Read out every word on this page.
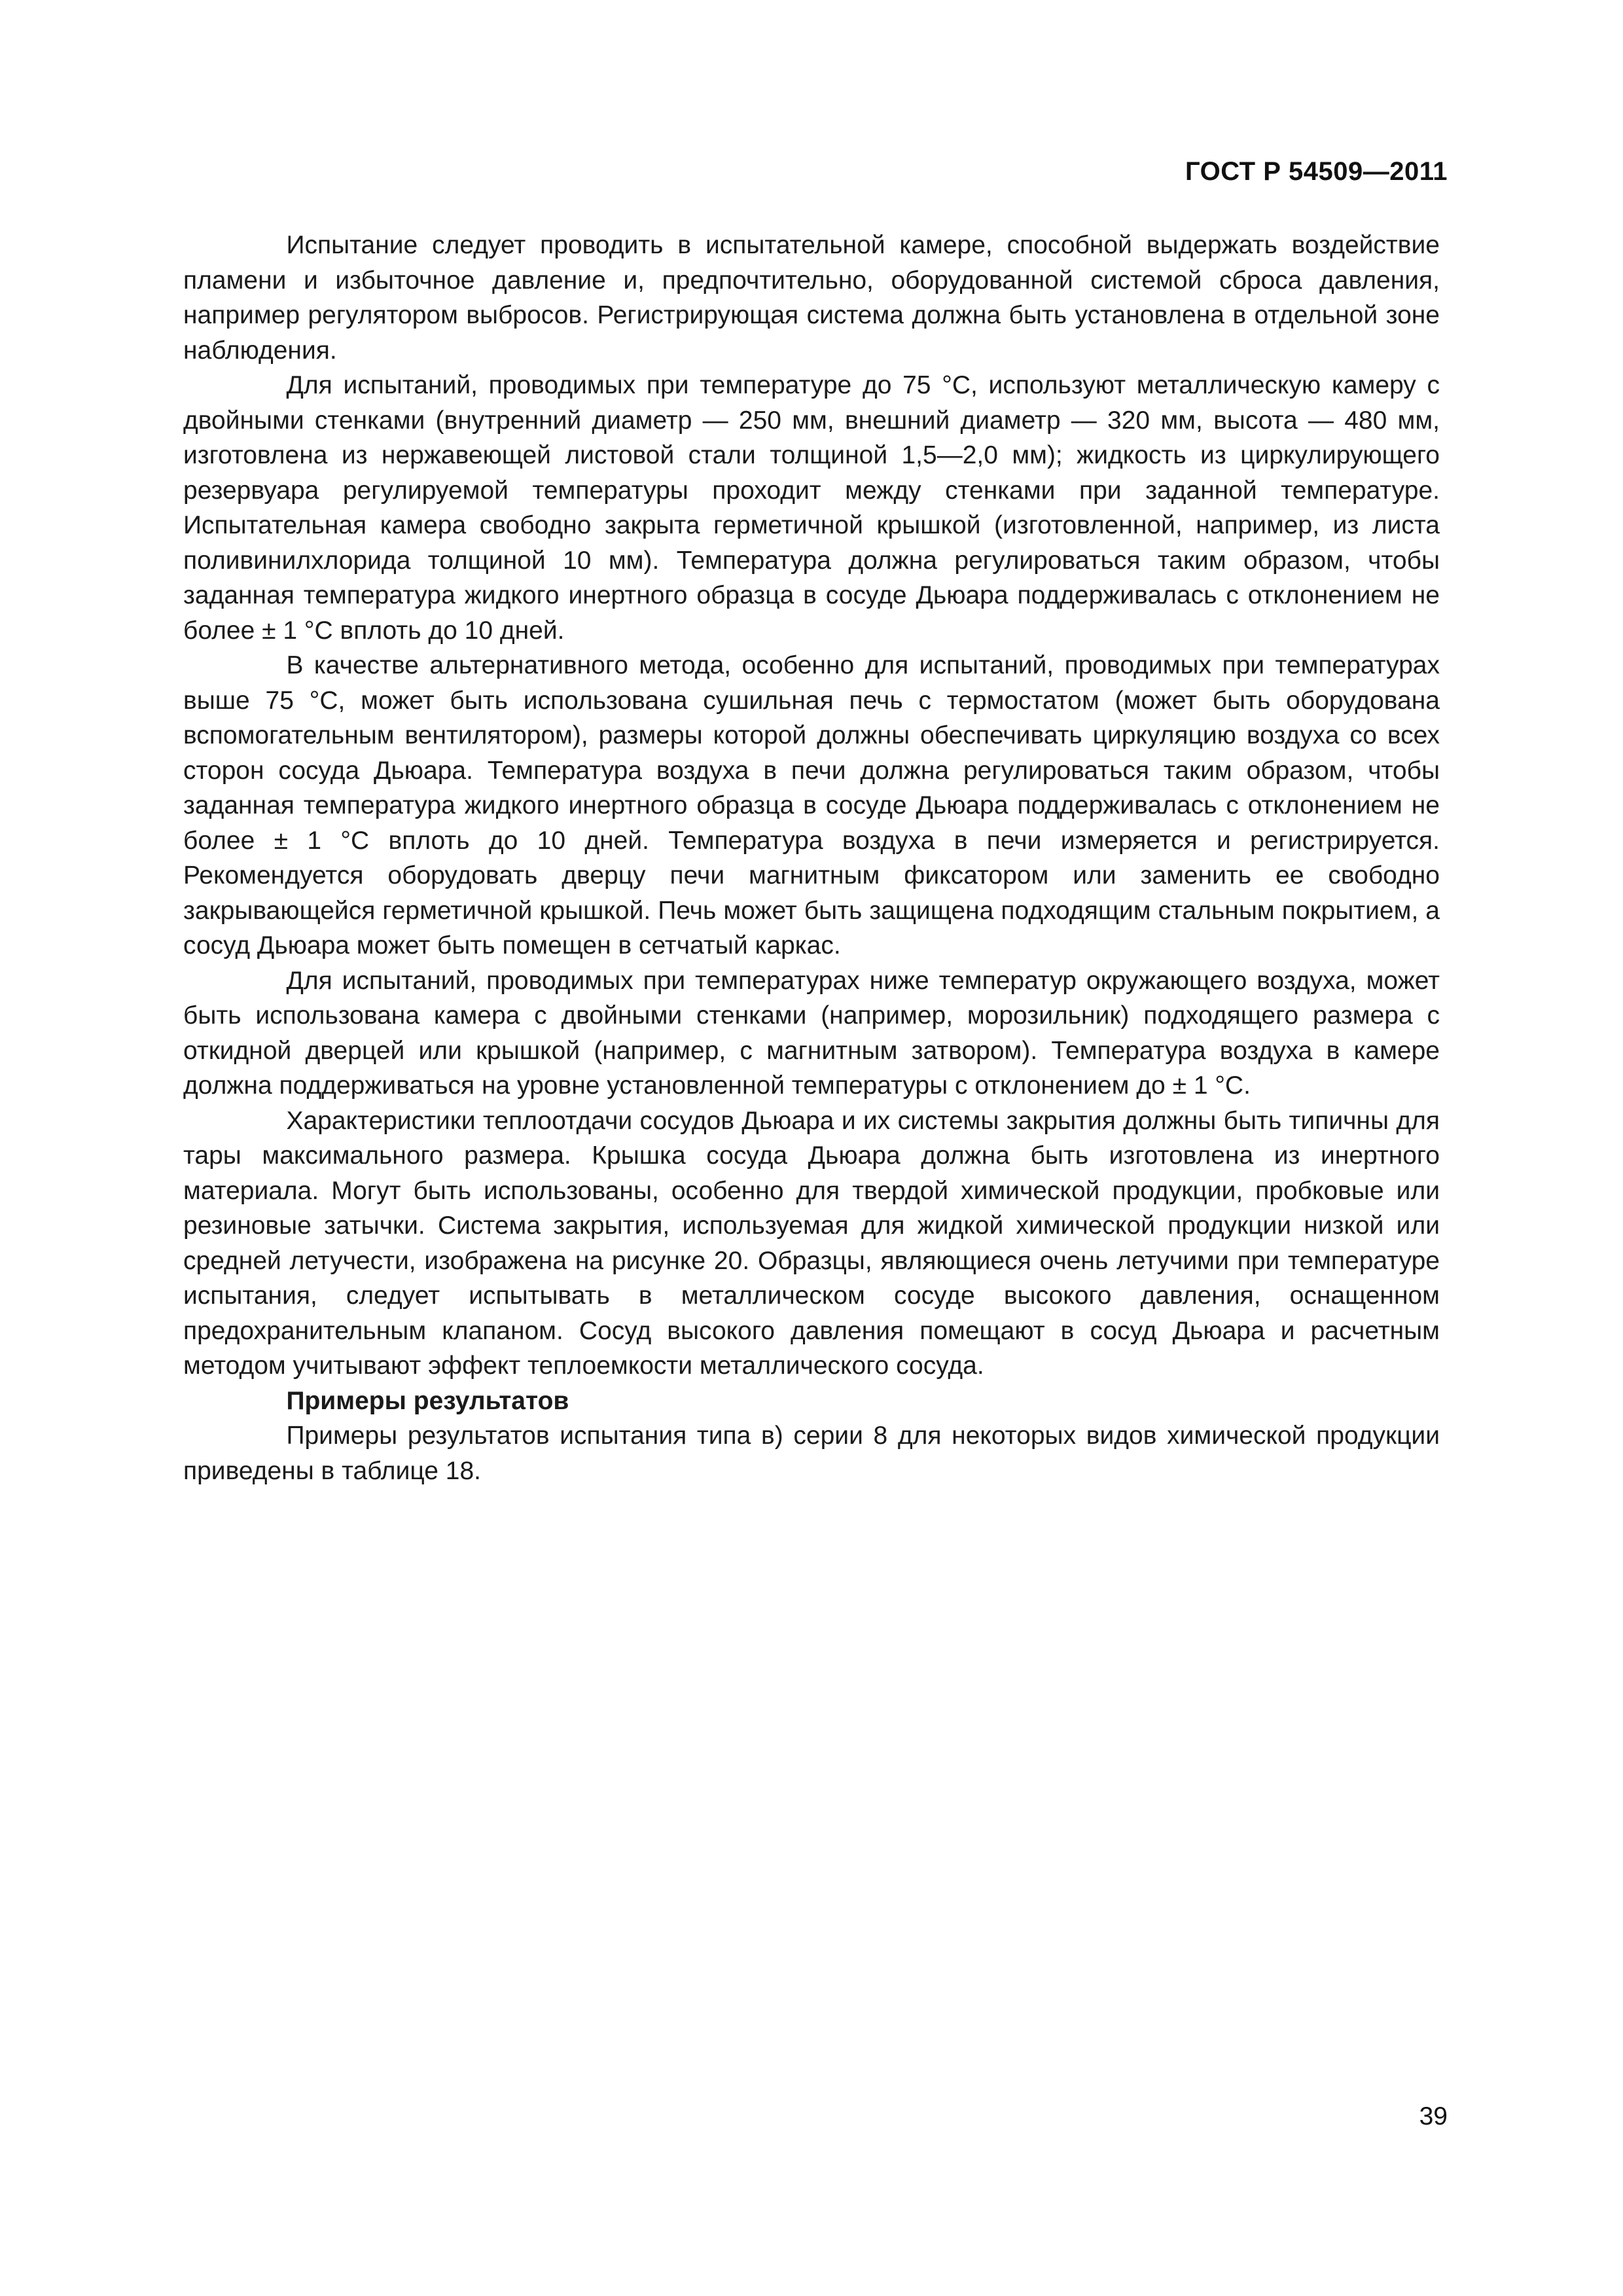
ГОСТ Р 54509—2011

Испытание следует проводить в испытательной камере, способной выдержать воздействие пламени и избыточное давление и, предпочтительно, оборудованной системой сброса давления, например регулятором выбросов. Регистрирующая система должна быть установлена в отдельной зоне наблюдения.

Для испытаний, проводимых при температуре до 75 °C, используют металлическую камеру с двойными стенками (внутренний диаметр — 250 мм, внешний диаметр — 320 мм, высота — 480 мм, изготовлена из нержавеющей листовой стали толщиной 1,5—2,0 мм); жидкость из циркулирующего резервуара регулируемой температуры проходит между стенками при заданной температуре. Испытательная камера свободно закрыта герметичной крышкой (изготовленной, например, из листа поливинилхлорида толщиной 10 мм). Температура должна регулироваться таким образом, чтобы заданная температура жидкого инертного образца в сосуде Дьюара поддерживалась с отклонением не более ± 1 °C вплоть до 10 дней.

В качестве альтернативного метода, особенно для испытаний, проводимых при температурах выше 75 °C, может быть использована сушильная печь с термостатом (может быть оборудована вспомогательным вентилятором), размеры которой должны обеспечивать циркуляцию воздуха со всех сторон сосуда Дьюара. Температура воздуха в печи должна регулироваться таким образом, чтобы заданная температура жидкого инертного образца в сосуде Дьюара поддерживалась с отклонением не более ± 1 °C вплоть до 10 дней. Температура воздуха в печи измеряется и регистрируется. Рекомендуется оборудовать дверцу печи магнитным фиксатором или заменить ее свободно закрывающейся герметичной крышкой. Печь может быть защищена подходящим стальным покрытием, а сосуд Дьюара может быть помещен в сетчатый каркас.

Для испытаний, проводимых при температурах ниже температур окружающего воздуха, может быть использована камера с двойными стенками (например, морозильник) подходящего размера с откидной дверцей или крышкой (например, с магнитным затвором). Температура воздуха в камере должна поддерживаться на уровне установленной температуры с отклонением до ± 1 °C.

Характеристики теплоотдачи сосудов Дьюара и их системы закрытия должны быть типичны для тары максимального размера. Крышка сосуда Дьюара должна быть изготовлена из инертного материала. Могут быть использованы, особенно для твердой химической продукции, пробковые или резиновые затычки. Система закрытия, используемая для жидкой химической продукции низкой или средней летучести, изображена на рисунке 20. Образцы, являющиеся очень летучими при температуре испытания, следует испытывать в металлическом сосуде высокого давления, оснащенном предохранительным клапаном. Сосуд высокого давления помещают в сосуд Дьюара и расчетным методом учитывают эффект теплоемкости металлического сосуда.

Примеры результатов

Примеры результатов испытания типа в) серии 8 для некоторых видов химической продукции приведены в таблице 18.

39
